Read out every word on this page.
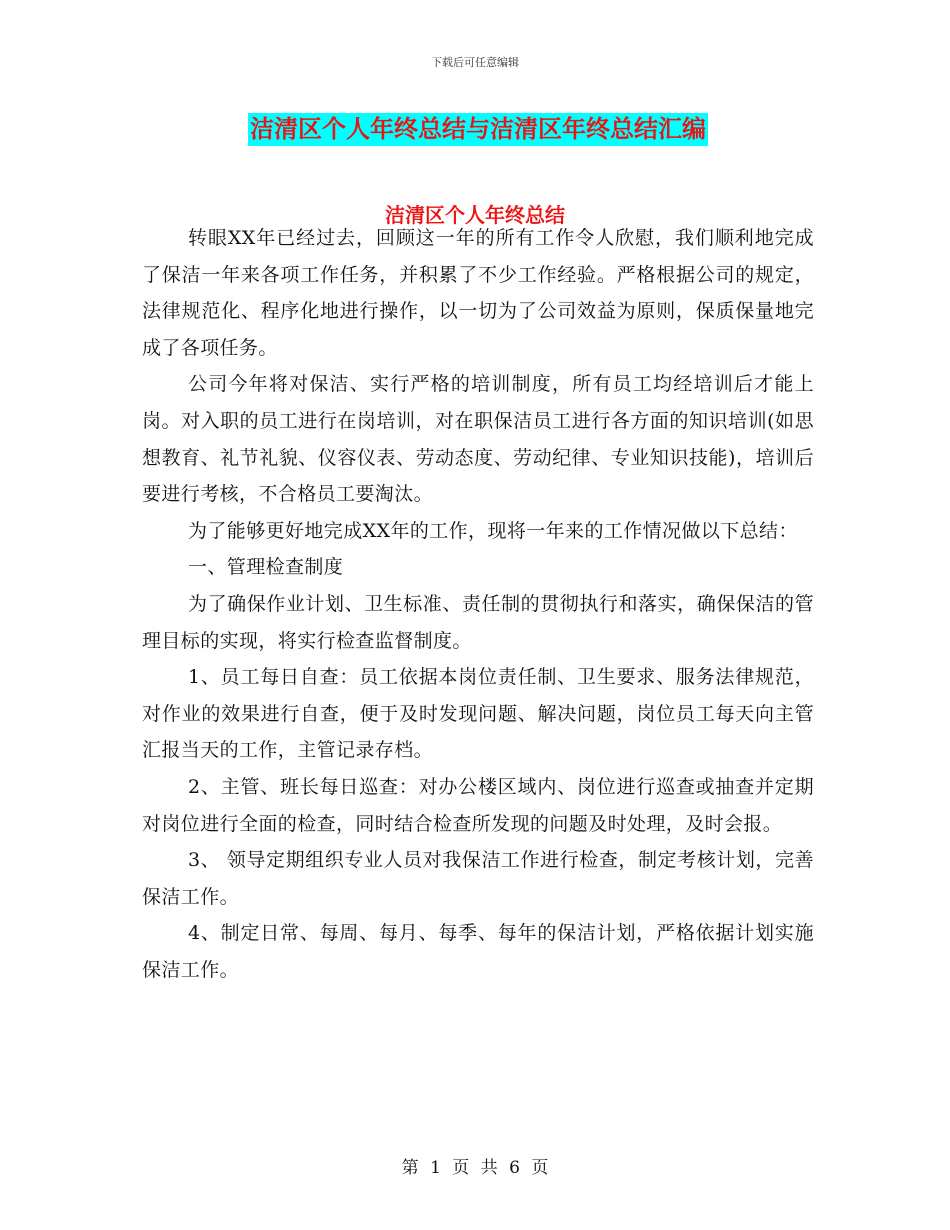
下载后可任意编辑
洁清区个人年终总结与洁清区年终总结汇编
洁清区个人年终总结

转眼XX年已经过去，回顾这一年的所有工作令人欣慰，我们顺利地完成了保洁一年来各项工作任务，并积累了不少工作经验。严格根据公司的规定，法律规范化、程序化地进行操作，以一切为了公司效益为原则，保质保量地完成了各项任务。

公司今年将对保洁、实行严格的培训制度，所有员工均经培训后才能上岗。对入职的员工进行在岗培训，对在职保洁员工进行各方面的知识培训(如思想教育、礼节礼貌、仪容仪表、劳动态度、劳动纪律、专业知识技能)，培训后要进行考核，不合格员工要淘汰。

为了能够更好地完成XX年的工作，现将一年来的工作情况做以下总结：

一、管理检查制度

为了确保作业计划、卫生标准、责任制的贯彻执行和落实，确保保洁的管理目标的实现，将实行检查监督制度。

1、员工每日自查：员工依据本岗位责任制、卫生要求、服务法律规范，对作业的效果进行自查，便于及时发现问题、解决问题，岗位员工每天向主管汇报当天的工作，主管记录存档。

2、主管、班长每日巡查：对办公楼区域内、岗位进行巡查或抽查并定期对岗位进行全面的检查，同时结合检查所发现的问题及时处理，及时会报。

3、 领导定期组织专业人员对我保洁工作进行检查，制定考核计划，完善保洁工作。

4、制定日常、每周、每月、每季、每年的保洁计划，严格依据计划实施保洁工作。

第 1 页 共 6 页
